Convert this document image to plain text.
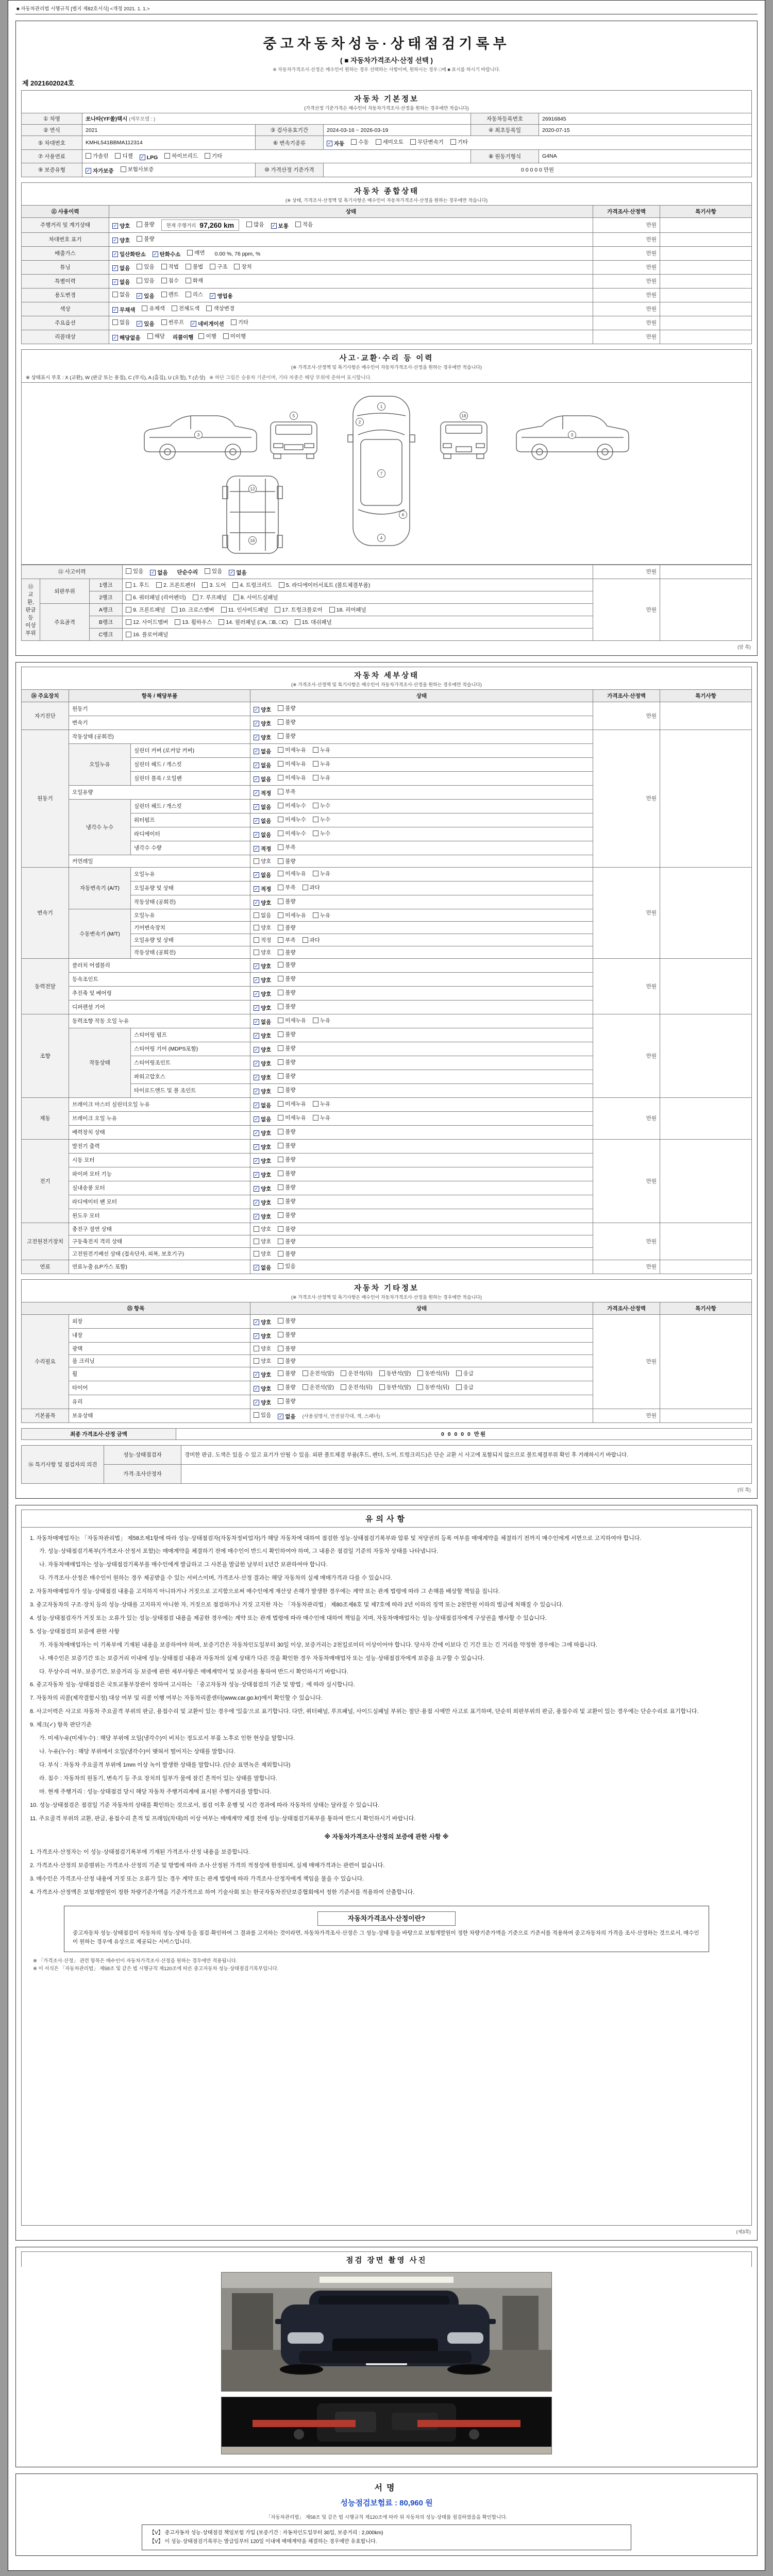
■ 자동차관리법 시행규칙 [별지 제82호서식] <개정 2021. 1. 1.>
중고자동차성능·상태점검기록부
( ■ 자동차가격조사·산정 선택 )
※ 자동차가격조사·산정은 매수인이 원하는 경우 선택하는 사항이며, 원하시는 경우 □에 ■ 표시를 하시기 바랍니다.
제 2021602024호
자동차 기본정보
(가격산정 기준가격은 매수인이 자동차가격조사·산정을 원하는 경우에만 적습니다)
① 차명	쏘나타(YF쏠)택시 (세부모델 : )			자동차등록번호	26916845
② 연식	2021	③ 검사유효기간	2024-03-16 ~ 2026-03-19	④ 최초등록일	2020-07-15
⑤ 차대번호	KMHL541BBMA112314	⑥ 변속기종류	✓ 자동	수동	세미오토	무단변속기	기타

⑦ 사용연료	가솔린	디젤 ✓ LPG	하이브리드	기타	⑧ 원동기형식	G4NA
⑨ 보증유형	✓ 자가보증 보험사보증	⑩ 가격산정 기준가격	0 0 0 0 0 만원		
자동차 종합상태
(※ 상태, 가격조사·산정액 및 특기사항은 매수인이 자동차가격조사·산정을 원하는 경우에만 적습니다)
⑪ 사용이력	상태	가격조사·산정액	특기사항
주행거리 및 계기상태	✓ 양호	불량 현재 주행거리 97,260 km	많음 ✓ 보통	적음	만원	
차대번호 표기	✓ 양호 불량	만원	
배출가스	✓ 일산화탄소 ✓ 탄화수소	매연 0.00 %, 76 ppm, %	만원	
튜닝	✓ 없음	있음	적법	불법	구조	장치	만원	
특별이력	✓ 없음 있음 침수 화재	만원	
용도변경	없음 ✓ 있음	렌트	리스 ✓ 영업용	만원	
색상	✓ 무채색 유채색 전체도색 색상변경	만원	
주요옵션	없음 ✓ 있음	썬루프 ✓ 네비게이션	기타	만원	
리콜대상	✓ 해당없음	해당 리콜이행 이행	미이행	만원	
사고·교환·수리 등 이력
(※ 가격조사·산정액 및 특기사항은 매수인이 자동차가격조사·산정을 원하는 경우에만 적습니다)
※ 상태표시 부호 : X (교환), W (판금 또는 용접), C (부식), A (흠집), U (요철), T (손상) ※ 하단 그림은 승용차 기준이며, 기타 차종은 해당 부위에 준하여 표시합니다.
1
7
4
2
6
3
5	18
12
16
3
⑫ 사고이력	있음 ✓ 없음 단순수리	있음 ✓ 없음	만원	
⑬ 교환, 판금 등 이상 부위	외판부위	1랭크	1. 후드 2. 프론트펜더 3. 도어 4. 트렁크리드 5. 라디에이터서포트 (볼트체결부품)	만원	
		2랭크	6. 쿼터패널 (리어펜더) 7. 루프패널 8. 사이드실패널		

	주요골격	A랭크	9. 프론트패널 10. 크로스멤버 11. 인사이드패널 17. 트렁크플로어 18. 리어패널		

		B랭크	12. 사이드멤버 13. 휠하우스 14. 필러패널 (□A, □B, □C) 15. 대쉬패널		

		C랭크	16. 플로어패널		
(앞 쪽)
자동차 세부상태
(※ 가격조사·산정액 및 특기사항은 매수인이 자동차가격조사·산정을 원하는 경우에만 적습니다)
⑭ 주요장치	항목 / 해당부품		상태	가격조사·산정액	특기사항
자기진단	원동기		✓ 양호 불량	만원	
	변속기		✓ 양호 불량		

원동기	작동상태 (공회전)		✓ 양호 불량	만원	
	오일누유	실린더 커버 (로커암 커버)	✓ 없음 미세누유 누유		

		실린더 헤드 / 개스킷	✓ 없음 미세누유 누유		

		실린더 블록 / 오일팬	✓ 없음 미세누유 누유		

	오일유량		✓ 적정 부족		

	냉각수 누수	실린더 헤드 / 개스킷	✓ 없음 미세누수 누수		

		워터펌프	✓ 없음 미세누수 누수		

		라디에이터	✓ 없음 미세누수 누수		

		냉각수 수량	✓ 적정 부족		

	커먼레일		양호 불량		

변속기	자동변속기 (A/T)	오일누유	✓ 없음 미세누유 누유	만원	
		오일유량 및 상태	✓ 적정 부족 과다		

		작동상태 (공회전)	✓ 양호 불량		

	수동변속기 (M/T)	오일누유	없음 미세누유 누유		

		기어변속장치	양호 불량		

		오일유량 및 상태	적정 부족 과다		

		작동상태 (공회전)	양호 불량		

동력전달	클러치 어셈블리		✓ 양호 불량	만원	
	등속조인트		✓ 양호 불량		

	추진축 및 베어링		✓ 양호 불량		

	디퍼렌셜 기어		✓ 양호 불량		

조향	동력조향 작동 오일 누유		✓ 없음 미세누유 누유	만원	
	작동상태	스티어링 펌프	✓ 양호 불량		

		스티어링 기어 (MDPS포함)	✓ 양호 불량		

		스티어링조인트	✓ 양호 불량		

		파워고압호스	✓ 양호 불량		

		타이로드엔드 및 볼 조인트	✓ 양호 불량		

제동	브레이크 마스터 실린더오일 누유		✓ 없음 미세누유 누유	만원	
	브레이크 오일 누유		✓ 없음 미세누유 누유		

	배력장치 상태		✓ 양호 불량		

전기	발전기 출력		✓ 양호 불량	만원	
	시동 모터		✓ 양호 불량		

	와이퍼 모터 기능		✓ 양호 불량		

	실내송풍 모터		✓ 양호 불량		

	라디에이터 팬 모터		✓ 양호 불량		

	윈도우 모터		✓ 양호 불량		

고전원전기장치	충전구 절연 상태		양호 불량	만원	
	구동축전지 격리 상태		양호 불량		

	고전원전기배선 상태 (접속단자, 피복, 보호기구)		양호 불량		

연료	연료누출 (LP가스 포함)		✓ 없음 있음	만원	
자동차 기타정보
(※ 가격조사·산정액 및 특기사항은 매수인이 자동차가격조사·산정을 원하는 경우에만 적습니다)
⑮ 항목		상태	가격조사·산정액	특기사항
수리필요	외장	✓ 양호 불량	만원	
	내장	✓ 양호 불량		

	광택	양호 불량		

	룸 크리닝	양호 불량		

휠	✓ 양호	불량	운전석(앞)	운전석(뒤)	동반석(앞)	동반석(뒤)	응급

타이어	✓ 양호	불량	운전석(앞)	운전석(뒤)	동반석(앞)	동반석(뒤)	응급

	유리	✓ 양호 불량		

기본품목	보유상태	있음 ✓ 없음 (사용설명서, 안전삼각대, 잭, 스패너)	만원	
최종 가격조사·산정 금액	0 0 0 0 0 만원
⑯ 특기사항 및 점검자의 의견	성능·상태점검자	경미한 판금, 도색은 있을 수 있고 표기가 안될 수 있음. 외판 볼트체결 부품(후드, 펜더, 도어, 트렁크리드)은 단순 교환 시 사고에 포함되지 않으므로 볼트체결부위 확인 후 거래하시기 바랍니다.
	가격·조사산정자	
(뒤 쪽)
유의사항

1. 자동차매매업자는 「자동차관리법」 제58조제1항에 따라 성능·상태점검자(자동차정비업자)가 해당 자동차에 대하여 점검한 성능·상태점검기록부와 압류 및 저당권의 등록 여부를 매매계약을 체결하기 전까지 매수인에게 서면으로 고지하여야 합니다.

가. 성능·상태점검기록부(가격조사·산정서 포함)는 매매계약을 체결하기 전에 매수인이 반드시 확인하여야 하며, 그 내용은 점검일 기준의 자동차 상태를 나타냅니다.

나. 자동차매매업자는 성능·상태점검기록부를 매수인에게 발급하고 그 사본을 발급한 날부터 1년간 보관하여야 합니다.

다. 가격조사·산정은 매수인이 원하는 경우 제공받을 수 있는 서비스이며, 가격조사·산정 결과는 해당 자동차의 실제 매매가격과 다를 수 있습니다.

2. 자동차매매업자가 성능·상태점검 내용을 고지하지 아니하거나 거짓으로 고지함으로써 매수인에게 재산상 손해가 발생한 경우에는 계약 또는 관계 법령에 따라 그 손해를 배상할 책임을 집니다.

3. 중고자동차의 구조·장치 등의 성능·상태를 고지하지 아니한 자, 거짓으로 점검하거나 거짓 고지한 자는 「자동차관리법」 제80조제6호 및 제7호에 따라 2년 이하의 징역 또는 2천만원 이하의 벌금에 처해질 수 있습니다.

4. 성능·상태점검자가 거짓 또는 오류가 있는 성능·상태점검 내용을 제공한 경우에는 계약 또는 관계 법령에 따라 매수인에 대하여 책임을 지며, 자동차매매업자는 성능·상태점검자에게 구상권을 행사할 수 있습니다.

5. 성능·상태점검의 보증에 관한 사항

가. 자동차매매업자는 이 기록부에 기재된 내용을 보증하여야 하며, 보증기간은 자동차인도일부터 30일 이상, 보증거리는 2천킬로미터 이상이어야 합니다. 당사자 간에 이보다 긴 기간 또는 긴 거리를 약정한 경우에는 그에 따릅니다.

나. 매수인은 보증기간 또는 보증거리 이내에 성능·상태점검 내용과 자동차의 실제 상태가 다른 것을 확인한 경우 자동차매매업자 또는 성능·상태점검자에게 보증을 요구할 수 있습니다.

다. 무상수리 여부, 보증기간, 보증거리 등 보증에 관한 세부사항은 매매계약서 및 보증서를 통하여 반드시 확인하시기 바랍니다.

6. 중고자동차 성능·상태점검은 국토교통부장관이 정하여 고시하는 「중고자동차 성능·상태점검의 기준 및 방법」에 따라 실시합니다.

7. 자동차의 리콜(제작결함시정) 대상 여부 및 리콜 이행 여부는 자동차리콜센터(www.car.go.kr)에서 확인할 수 있습니다.

8. 사고이력은 사고로 자동차 주요골격 부위의 판금, 용접수리 및 교환이 있는 경우에 '있음'으로 표기합니다. 다만, 쿼터패널, 루프패널, 사이드실패널 부위는 절단·용접 시에만 사고로 표기하며, 단순히 외판부위의 판금, 용접수리 및 교환이 있는 경우에는 단순수리로 표기합니다.

9. 체크(✓) 항목 판단기준

가. 미세누유(미세누수) : 해당 부위에 오일(냉각수)이 비치는 정도로서 부품 노후로 인한 현상을 말합니다.

나. 누유(누수) : 해당 부위에서 오일(냉각수)이 맺혀서 떨어지는 상태를 말합니다.

다. 부식 : 자동차 주요골격 부위에 1mm 이상 녹이 발생한 상태를 말합니다. (단순 표면녹은 제외합니다)

라. 침수 : 자동차의 원동기, 변속기 등 주요 장치의 일부가 물에 잠긴 흔적이 있는 상태를 말합니다.

마. 현재 주행거리 : 성능·상태점검 당시 해당 자동차 주행거리계에 표시된 주행거리를 말합니다.

10. 성능·상태점검은 점검일 기준 자동차의 상태를 확인하는 것으로서, 점검 이후 운행 및 시간 경과에 따라 자동차의 상태는 달라질 수 있습니다.

11. 주요골격 부위의 교환, 판금, 용접수리 흔적 및 프레임(차대)의 이상 여부는 매매계약 체결 전에 성능·상태점검기록부를 통하여 반드시 확인하시기 바랍니다.

※ 자동차가격조사·산정의 보증에 관한 사항 ※

1. 가격조사·산정자는 이 성능·상태점검기록부에 기재된 가격조사·산정 내용을 보증합니다.

2. 가격조사·산정의 보증범위는 가격조사·산정의 기준 및 방법에 따라 조사·산정된 가격의 적정성에 한정되며, 실제 매매가격과는 관련이 없습니다.

3. 매수인은 가격조사·산정 내용에 거짓 또는 오류가 있는 경우 계약 또는 관계 법령에 따라 가격조사·산정자에게 책임을 물을 수 있습니다.

4. 가격조사·산정액은 보험개발원이 정한 차량기준가액을 기준가격으로 하여 기술사회 또는 한국자동차진단보증협회에서 정한 기준서를 적용하여 산출합니다.

자동차가격조사·산정이란?
중고자동차 성능·상태점검이 자동차의 성능·상태 등을 점검·확인하여 그 결과를 고지하는 것이라면, 자동차가격조사·산정은 그 성능·상태 등을 바탕으로 보험개발원이 정한 차량기준가액을 기준으로 기준서를 적용하여 중고자동차의 가격을 조사·산정하는 것으로서, 매수인이 원하는 경우에 유상으로 제공되는 서비스입니다.
※ 「가격조사·산정」 관련 항목은 매수인이 자동차가격조사·산정을 원하는 경우에만 적용됩니다.
※ 이 서식은 「자동차관리법」 제58조 및 같은 법 시행규칙 제120조에 따른 중고자동차 성능·상태점검기록부입니다.
(제3쪽)
점검 장면 촬영 사진
서명
성능점검보험료 : 80,960 원
「자동차관리법」 제58조 및 같은 법 시행규칙 제120조에 따라 위 자동차의 성능·상태를 점검하였음을 확인합니다.
【V】 중고자동차 성능·상태점검 책임보험 가입 (보증기간 : 자동차인도일부터 30일, 보증거리 : 2,000km)
【V】 이 성능·상태점검기록부는 발급일부터 120일 이내에 매매계약을 체결하는 경우에만 유효합니다.
